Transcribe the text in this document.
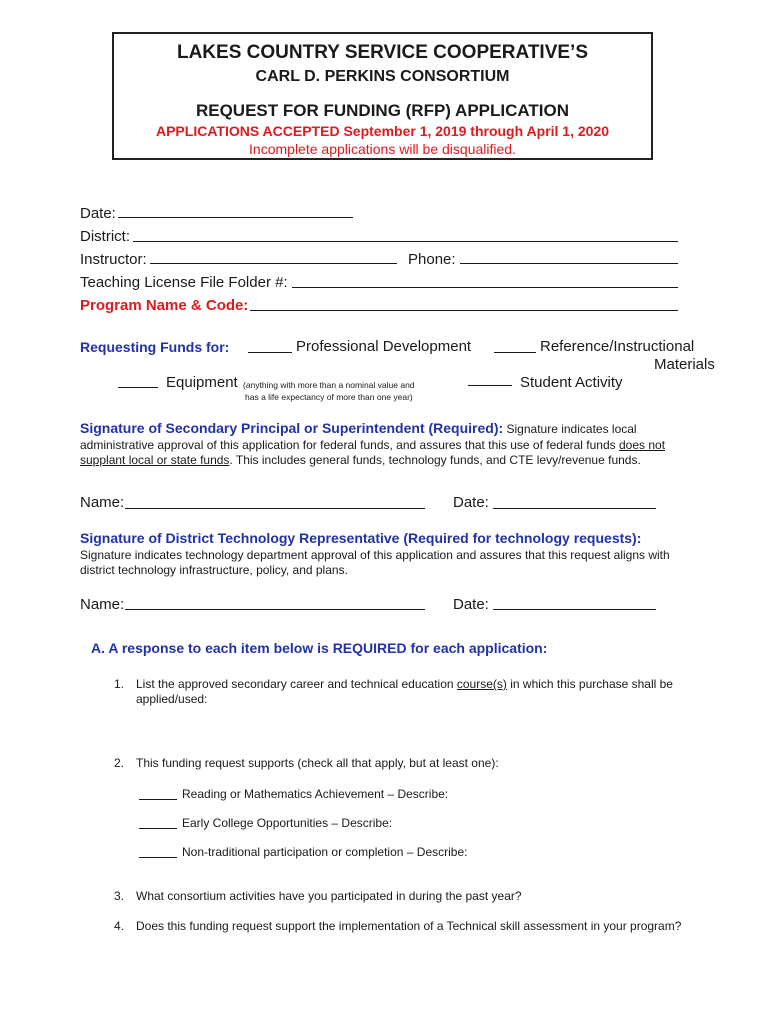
LAKES COUNTRY SERVICE COOPERATIVE’S
CARL D. PERKINS CONSORTIUM
REQUEST FOR FUNDING (RFP) APPLICATION
APPLICATIONS ACCEPTED September 1, 2019 through April 1, 2020
Incomplete applications will be disqualified.
Date:
District:
Instructor:	Phone:
Teaching License File Folder #:
Program Name & Code:
Requesting Funds for:	Professional Development	Reference/Instructional
Materials
Equipment (anything with more than a nominal value and
has a life expectancy of more than one year)
Student Activity
Signature of Secondary Principal or Superintendent (Required): Signature indicates local
administrative approval of this application for federal funds, and assures that this use of federal funds does not
supplant local or state funds. This includes general funds, technology funds, and CTE levy/revenue funds.
Name:	Date:
Signature of District Technology Representative (Required for technology requests):
Signature indicates technology department approval of this application and assures that this request aligns with
district technology infrastructure, policy, and plans.
Name:	Date:
A. A response to each item below is REQUIRED for each application:
1. List the approved secondary career and technical education course(s) in which this purchase shall be
applied/used:
2. This funding request supports (check all that apply, but at least one):
Reading or Mathematics Achievement – Describe:
Early College Opportunities – Describe:
Non-traditional participation or completion – Describe:
3. What consortium activities have you participated in during the past year?
4. Does this funding request support the implementation of a Technical skill assessment in your program?
